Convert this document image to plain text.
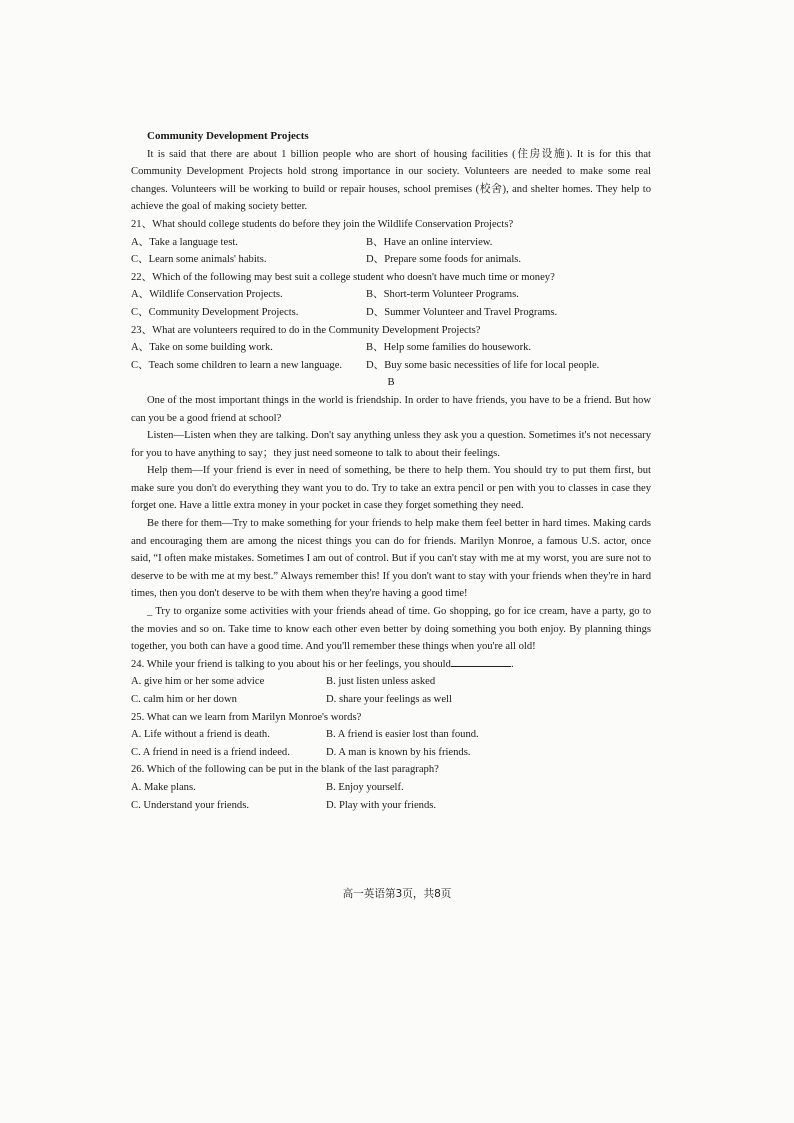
Community Development Projects

It is said that there are about 1 billion people who are short of housing facilities (住房设施). It is for this that Community Development Projects hold strong importance in our society. Volunteers are needed to make some real changes. Volunteers will be working to build or repair houses, school premises (校舍), and shelter homes. They help to achieve the goal of making society better.

21、What should college students do before they join the Wildlife Conservation Projects?

A、Take a language test.	B、Have an online interview.
C、Learn some animals' habits.	D、Prepare some foods for animals.

22、Which of the following may best suit a college student who doesn't have much time or money?

A、Wildlife Conservation Projects.	B、Short-term Volunteer Programs.
C、Community Development Projects.	D、Summer Volunteer and Travel Programs.

23、What are volunteers required to do in the Community Development Projects?

A、Take on some building work.	B、Help some families do housework.
C、Teach some children to learn a new language.	D、Buy some basic necessities of life for local people.

B

One of the most important things in the world is friendship. In order to have friends, you have to be a friend. But how can you be a good friend at school?

Listen—Listen when they are talking. Don't say anything unless they ask you a question. Sometimes it's not necessary for you to have anything to say；they just need someone to talk to about their feelings.

Help them—If your friend is ever in need of something, be there to help them. You should try to put them first, but make sure you don't do everything they want you to do. Try to take an extra pencil or pen with you to classes in case they forget one. Have a little extra money in your pocket in case they forget something they need.

Be there for them—Try to make something for your friends to help make them feel better in hard times. Making cards and encouraging them are among the nicest things you can do for friends. Marilyn Monroe, a famous U.S. actor, once said, “I often make mistakes. Sometimes I am out of control. But if you can't stay with me at my worst, you are sure not to deserve to be with me at my best.” Always remember this! If you don't want to stay with your friends when they're in hard times, then you don't deserve to be with them when they're having a good time!

_ Try to organize some activities with your friends ahead of time. Go shopping, go for ice cream, have a party, go to the movies and so on. Take time to know each other even better by doing something you both enjoy. By planning things together, you both can have a good time. And you'll remember these things when you're all old!

24. While your friend is talking to you about his or her feelings, you should	.

A. give him or her some advice	B. just listen unless asked
C. calm him or her down	D. share your feelings as well

25. What can we learn from Marilyn Monroe's words?

A. Life without a friend is death.	B. A friend is easier lost than found.
C. A friend in need is a friend indeed.	D. A man is known by his friends.

26. Which of the following can be put in the blank of the last paragraph?

A. Make plans.	B. Enjoy yourself.
C. Understand your friends.	D. Play with your friends.
高一英语第3页，共8页
